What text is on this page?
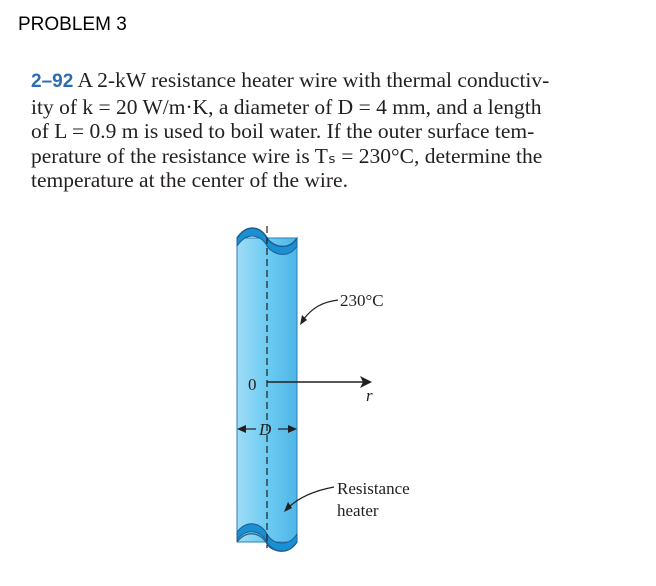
PROBLEM 3
2–92 A 2-kW resistance heater wire with thermal conductiv-
ity of k = 20 W/m·K, a diameter of D = 4 mm, and a length
of L = 0.9 m is used to boil water. If the outer surface tem-
perature of the resistance wire is Tₛ = 230°C, determine the
temperature at the center of the wire.
r
0
D
230°C
Resistance
heater
